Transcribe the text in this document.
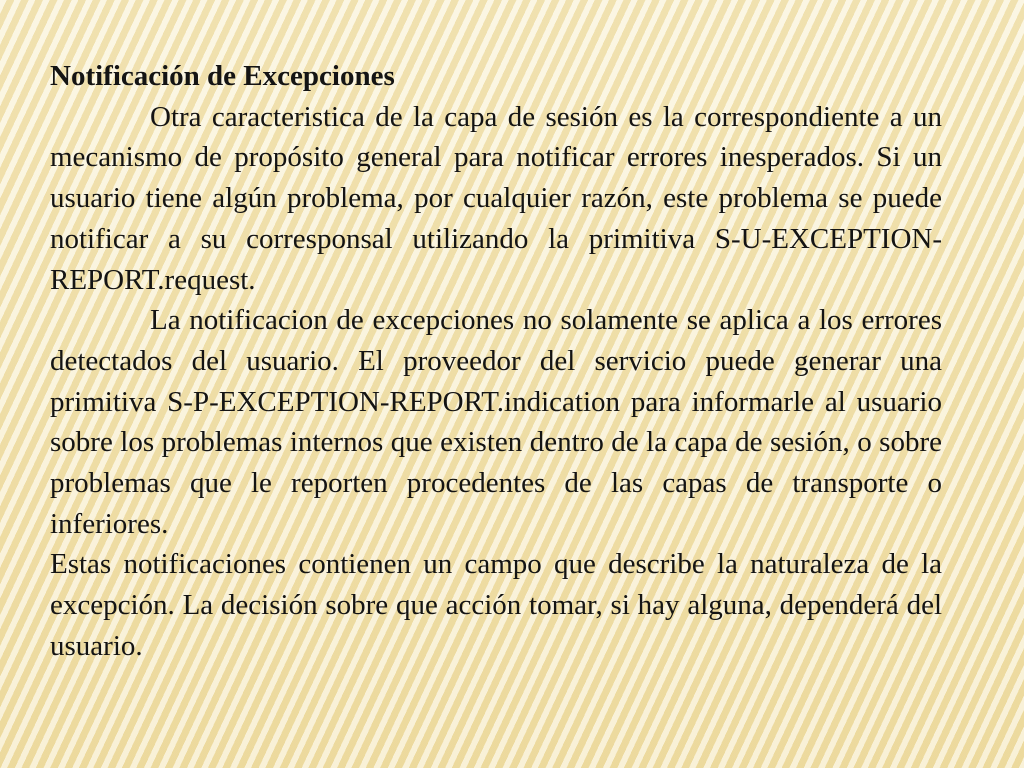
Notificación de Excepciones

Otra caracteristica de la capa de sesión es la correspondiente a un mecanismo de propósito general para notificar errores inesperados. Si un usuario tiene algún problema, por cualquier razón, este problema se puede notificar a su corresponsal utilizando la primitiva S-U-EXCEPTION-REPORT.request.

La notificacion de excepciones no solamente se aplica a los errores detectados del usuario. El proveedor del servicio puede generar una primitiva S-P-EXCEPTION-REPORT.indication para informarle al usuario sobre los problemas internos que existen dentro de la capa de sesión, o sobre problemas que le reporten procedentes de las capas de transporte o inferiores.

Estas notificaciones contienen un campo que describe la naturaleza de la excepción. La decisión sobre que acción tomar, si hay alguna, dependerá del usuario.
